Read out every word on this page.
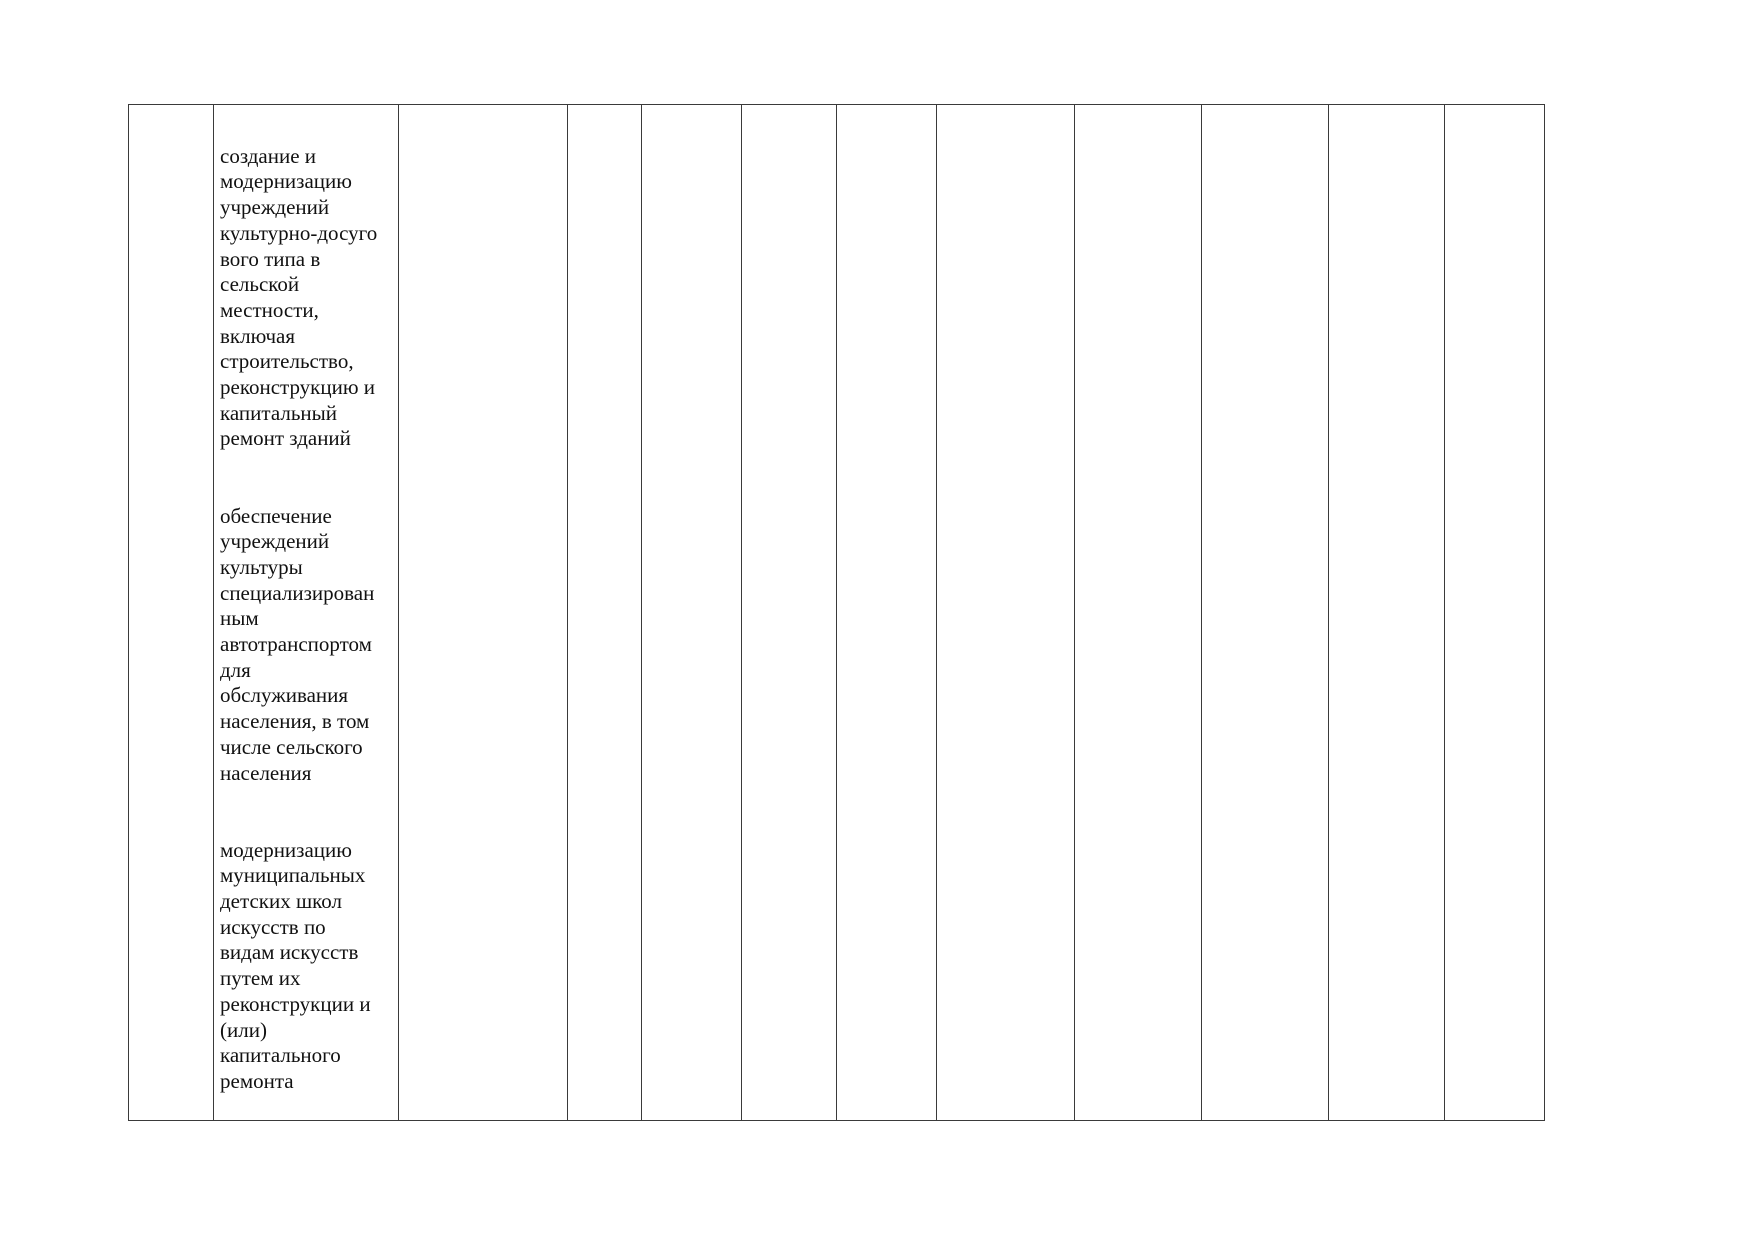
создание и
модернизацию
учреждений
культурно-досуго
вого типа в
сельской
местности,
включая
строительство,
реконструкцию и
капитальный
ремонт зданий

обеспечение
учреждений
культуры
специализирован
ным
автотранспортом
для
обслуживания
населения, в том
числе сельского
населения

модернизацию
муниципальных
детских школ
искусств по
видам искусств
путем их
реконструкции и
(или)
капитального
ремонта
